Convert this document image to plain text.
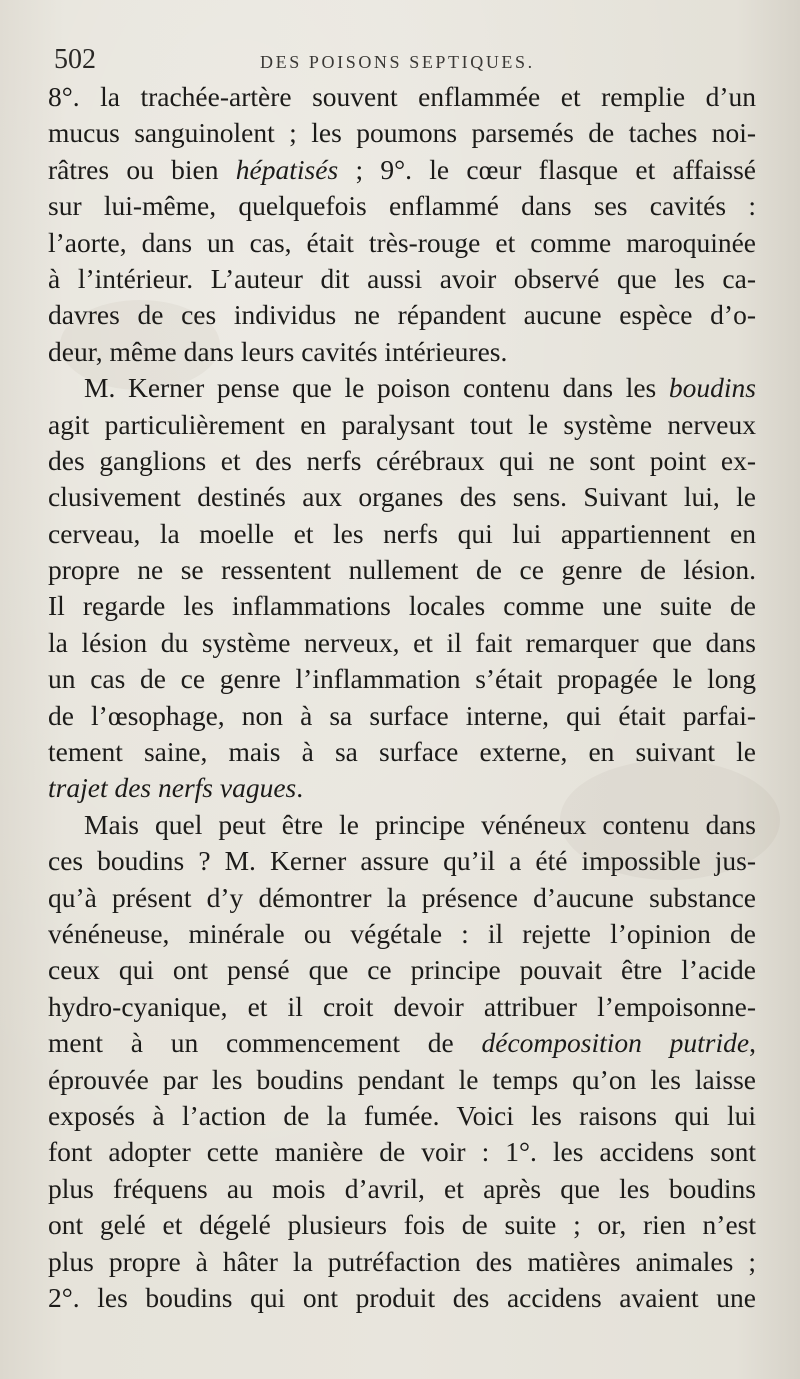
502	DES POISONS SEPTIQUES.
8°. la trachée-artère souvent enflammée et remplie d’un
mucus sanguinolent ; les poumons parsemés de taches noi-
râtres ou bien hépatisés ; 9°. le cœur flasque et affaissé
sur lui-même, quelquefois enflammé dans ses cavités :
l’aorte, dans un cas, était très-rouge et comme maroquinée
à l’intérieur. L’auteur dit aussi avoir observé que les ca-
davres de ces individus ne répandent aucune espèce d’o-
deur, même dans leurs cavités intérieures.
M. Kerner pense que le poison contenu dans les boudins
agit particulièrement en paralysant tout le système nerveux
des ganglions et des nerfs cérébraux qui ne sont point ex-
clusivement destinés aux organes des sens. Suivant lui, le
cerveau, la moelle et les nerfs qui lui appartiennent en
propre ne se ressentent nullement de ce genre de lésion.
Il regarde les inflammations locales comme une suite de
la lésion du système nerveux, et il fait remarquer que dans
un cas de ce genre l’inflammation s’était propagée le long
de l’œsophage, non à sa surface interne, qui était parfai-
tement saine, mais à sa surface externe, en suivant le
trajet des nerfs vagues.
Mais quel peut être le principe vénéneux contenu dans
ces boudins ? M. Kerner assure qu’il a été impossible jus-
qu’à présent d’y démontrer la présence d’aucune substance
vénéneuse, minérale ou végétale : il rejette l’opinion de
ceux qui ont pensé que ce principe pouvait être l’acide
hydro-cyanique, et il croit devoir attribuer l’empoisonne-
ment à un commencement de décomposition putride,
éprouvée par les boudins pendant le temps qu’on les laisse
exposés à l’action de la fumée. Voici les raisons qui lui
font adopter cette manière de voir : 1°. les accidens sont
plus fréquens au mois d’avril, et après que les boudins
ont gelé et dégelé plusieurs fois de suite ; or, rien n’est
plus propre à hâter la putréfaction des matières animales ;
2°. les boudins qui ont produit des accidens avaient une
